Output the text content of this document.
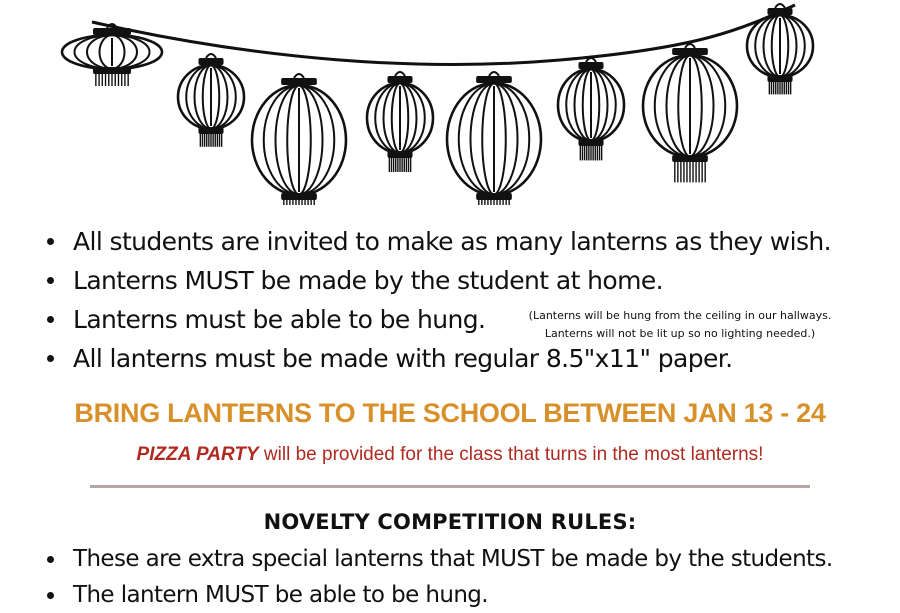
All students are invited to make as many lanterns as they wish.
Lanterns MUST be made by the student at home.
Lanterns must be able to be hung.
All lanterns must be made with regular 8.5"x11" paper.
(Lanterns will be hung from the ceiling in our hallways.
Lanterns will not be lit up so no lighting needed.)
BRING LANTERNS TO THE SCHOOL BETWEEN JAN 13 - 24
PIZZA PARTY will be provided for the class that turns in the most lanterns!
NOVELTY COMPETITION RULES:
These are extra special lanterns that MUST be made by the students.
The lantern MUST be able to be hung.
